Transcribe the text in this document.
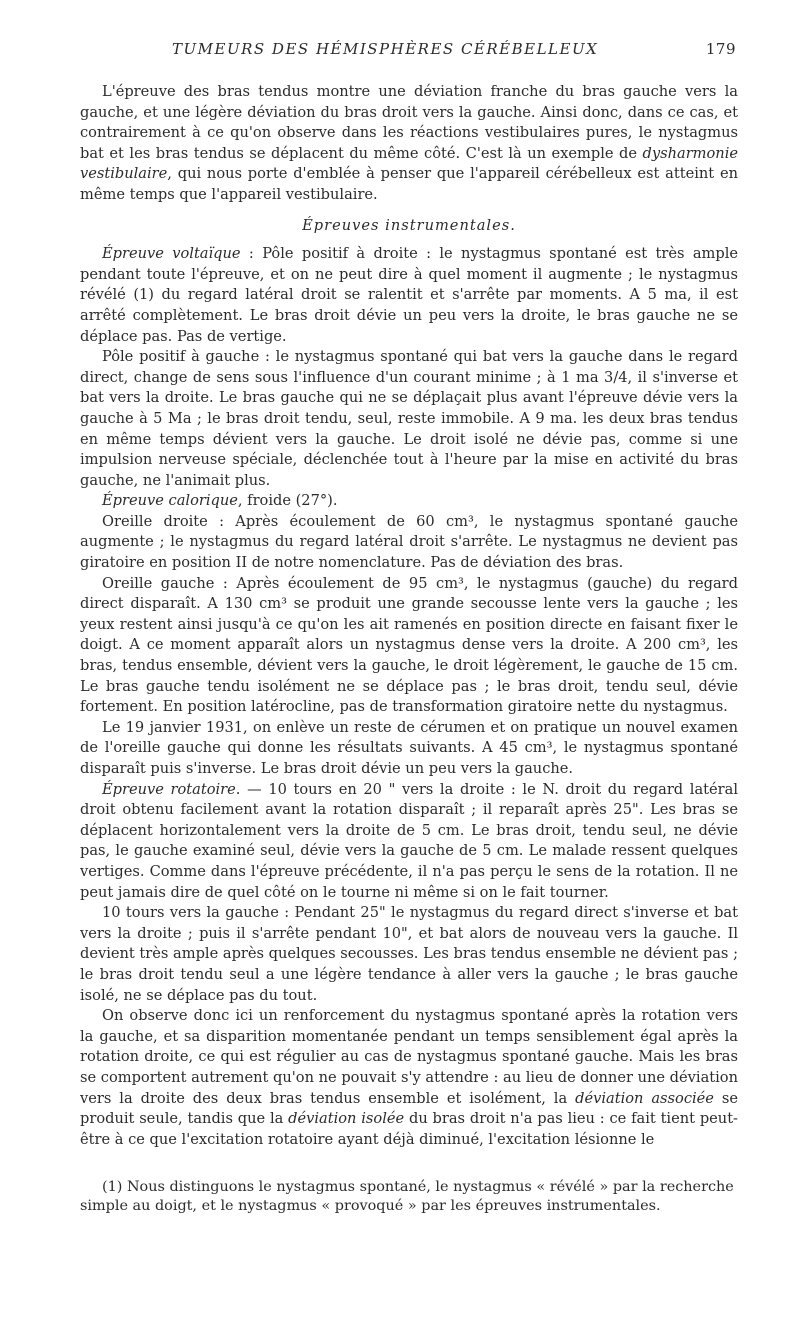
TUMEURS DES HÉMISPHÈRES CÉRÉBELLEUX	179

L'épreuve des bras tendus montre une déviation franche du bras gauche vers la gauche, et une légère déviation du bras droit vers la gauche. Ainsi donc, dans ce cas, et contrairement à ce qu'on observe dans les réactions vestibulaires pures, le nystagmus bat et les bras tendus se déplacent du même côté. C'est là un exemple de dysharmonie vestibulaire, qui nous porte d'emblée à penser que l'appareil cérébelleux est atteint en même temps que l'appareil vestibulaire.

Épreuves instrumentales.

Épreuve voltaïque : Pôle positif à droite : le nystagmus spontané est très ample pendant toute l'épreuve, et on ne peut dire à quel moment il augmente ; le nystagmus révélé (1) du regard latéral droit se ralentit et s'arrête par moments. A 5 ma, il est arrêté complètement. Le bras droit dévie un peu vers la droite, le bras gauche ne se déplace pas. Pas de vertige.

Pôle positif à gauche : le nystagmus spontané qui bat vers la gauche dans le regard direct, change de sens sous l'influence d'un courant minime ; à 1 ma 3/4, il s'inverse et bat vers la droite. Le bras gauche qui ne se déplaçait plus avant l'épreuve dévie vers la gauche à 5 Ma ; le bras droit tendu, seul, reste immobile. A 9 ma. les deux bras tendus en même temps dévient vers la gauche. Le droit isolé ne dévie pas, comme si une impulsion nerveuse spéciale, déclenchée tout à l'heure par la mise en activité du bras gauche, ne l'animait plus.

Épreuve calorique, froide (27°).

Oreille droite : Après écoulement de 60 cm³, le nystagmus spontané gauche augmente ; le nystagmus du regard latéral droit s'arrête. Le nystagmus ne devient pas giratoire en position II de notre nomenclature. Pas de déviation des bras.

Oreille gauche : Après écoulement de 95 cm³, le nystagmus (gauche) du regard direct disparaît. A 130 cm³ se produit une grande secousse lente vers la gauche ; les yeux restent ainsi jusqu'à ce qu'on les ait ramenés en position directe en faisant fixer le doigt. A ce moment apparaît alors un nystagmus dense vers la droite. A 200 cm³, les bras, tendus ensemble, dévient vers la gauche, le droit légèrement, le gauche de 15 cm. Le bras gauche tendu isolément ne se déplace pas ; le bras droit, tendu seul, dévie fortement. En position latérocline, pas de transformation giratoire nette du nystagmus.

Le 19 janvier 1931, on enlève un reste de cérumen et on pratique un nouvel examen de l'oreille gauche qui donne les résultats suivants. A 45 cm³, le nystagmus spontané disparaît puis s'inverse. Le bras droit dévie un peu vers la gauche.

Épreuve rotatoire. — 10 tours en 20 " vers la droite : le N. droit du regard latéral droit obtenu facilement avant la rotation disparaît ; il reparaît après 25". Les bras se déplacent horizontalement vers la droite de 5 cm. Le bras droit, tendu seul, ne dévie pas, le gauche examiné seul, dévie vers la gauche de 5 cm. Le malade ressent quelques vertiges. Comme dans l'épreuve précédente, il n'a pas perçu le sens de la rotation. Il ne peut jamais dire de quel côté on le tourne ni même si on le fait tourner.

10 tours vers la gauche : Pendant 25" le nystagmus du regard direct s'inverse et bat vers la droite ; puis il s'arrête pendant 10", et bat alors de nouveau vers la gauche. Il devient très ample après quelques secousses. Les bras tendus ensemble ne dévient pas ; le bras droit tendu seul a une légère tendance à aller vers la gauche ; le bras gauche isolé, ne se déplace pas du tout.

On observe donc ici un renforcement du nystagmus spontané après la rotation vers la gauche, et sa disparition momentanée pendant un temps sensiblement égal après la rotation droite, ce qui est régulier au cas de nystagmus spontané gauche. Mais les bras se comportent autrement qu'on ne pouvait s'y attendre : au lieu de donner une déviation vers la droite des deux bras tendus ensemble et isolément, la déviation associée se produit seule, tandis que la déviation isolée du bras droit n'a pas lieu : ce fait tient peut-être à ce que l'excitation rotatoire ayant déjà diminué, l'excitation lésionne le

(1) Nous distinguons le nystagmus spontané, le nystagmus « révélé » par la recherche simple au doigt, et le nystagmus « provoqué » par les épreuves instrumentales.
